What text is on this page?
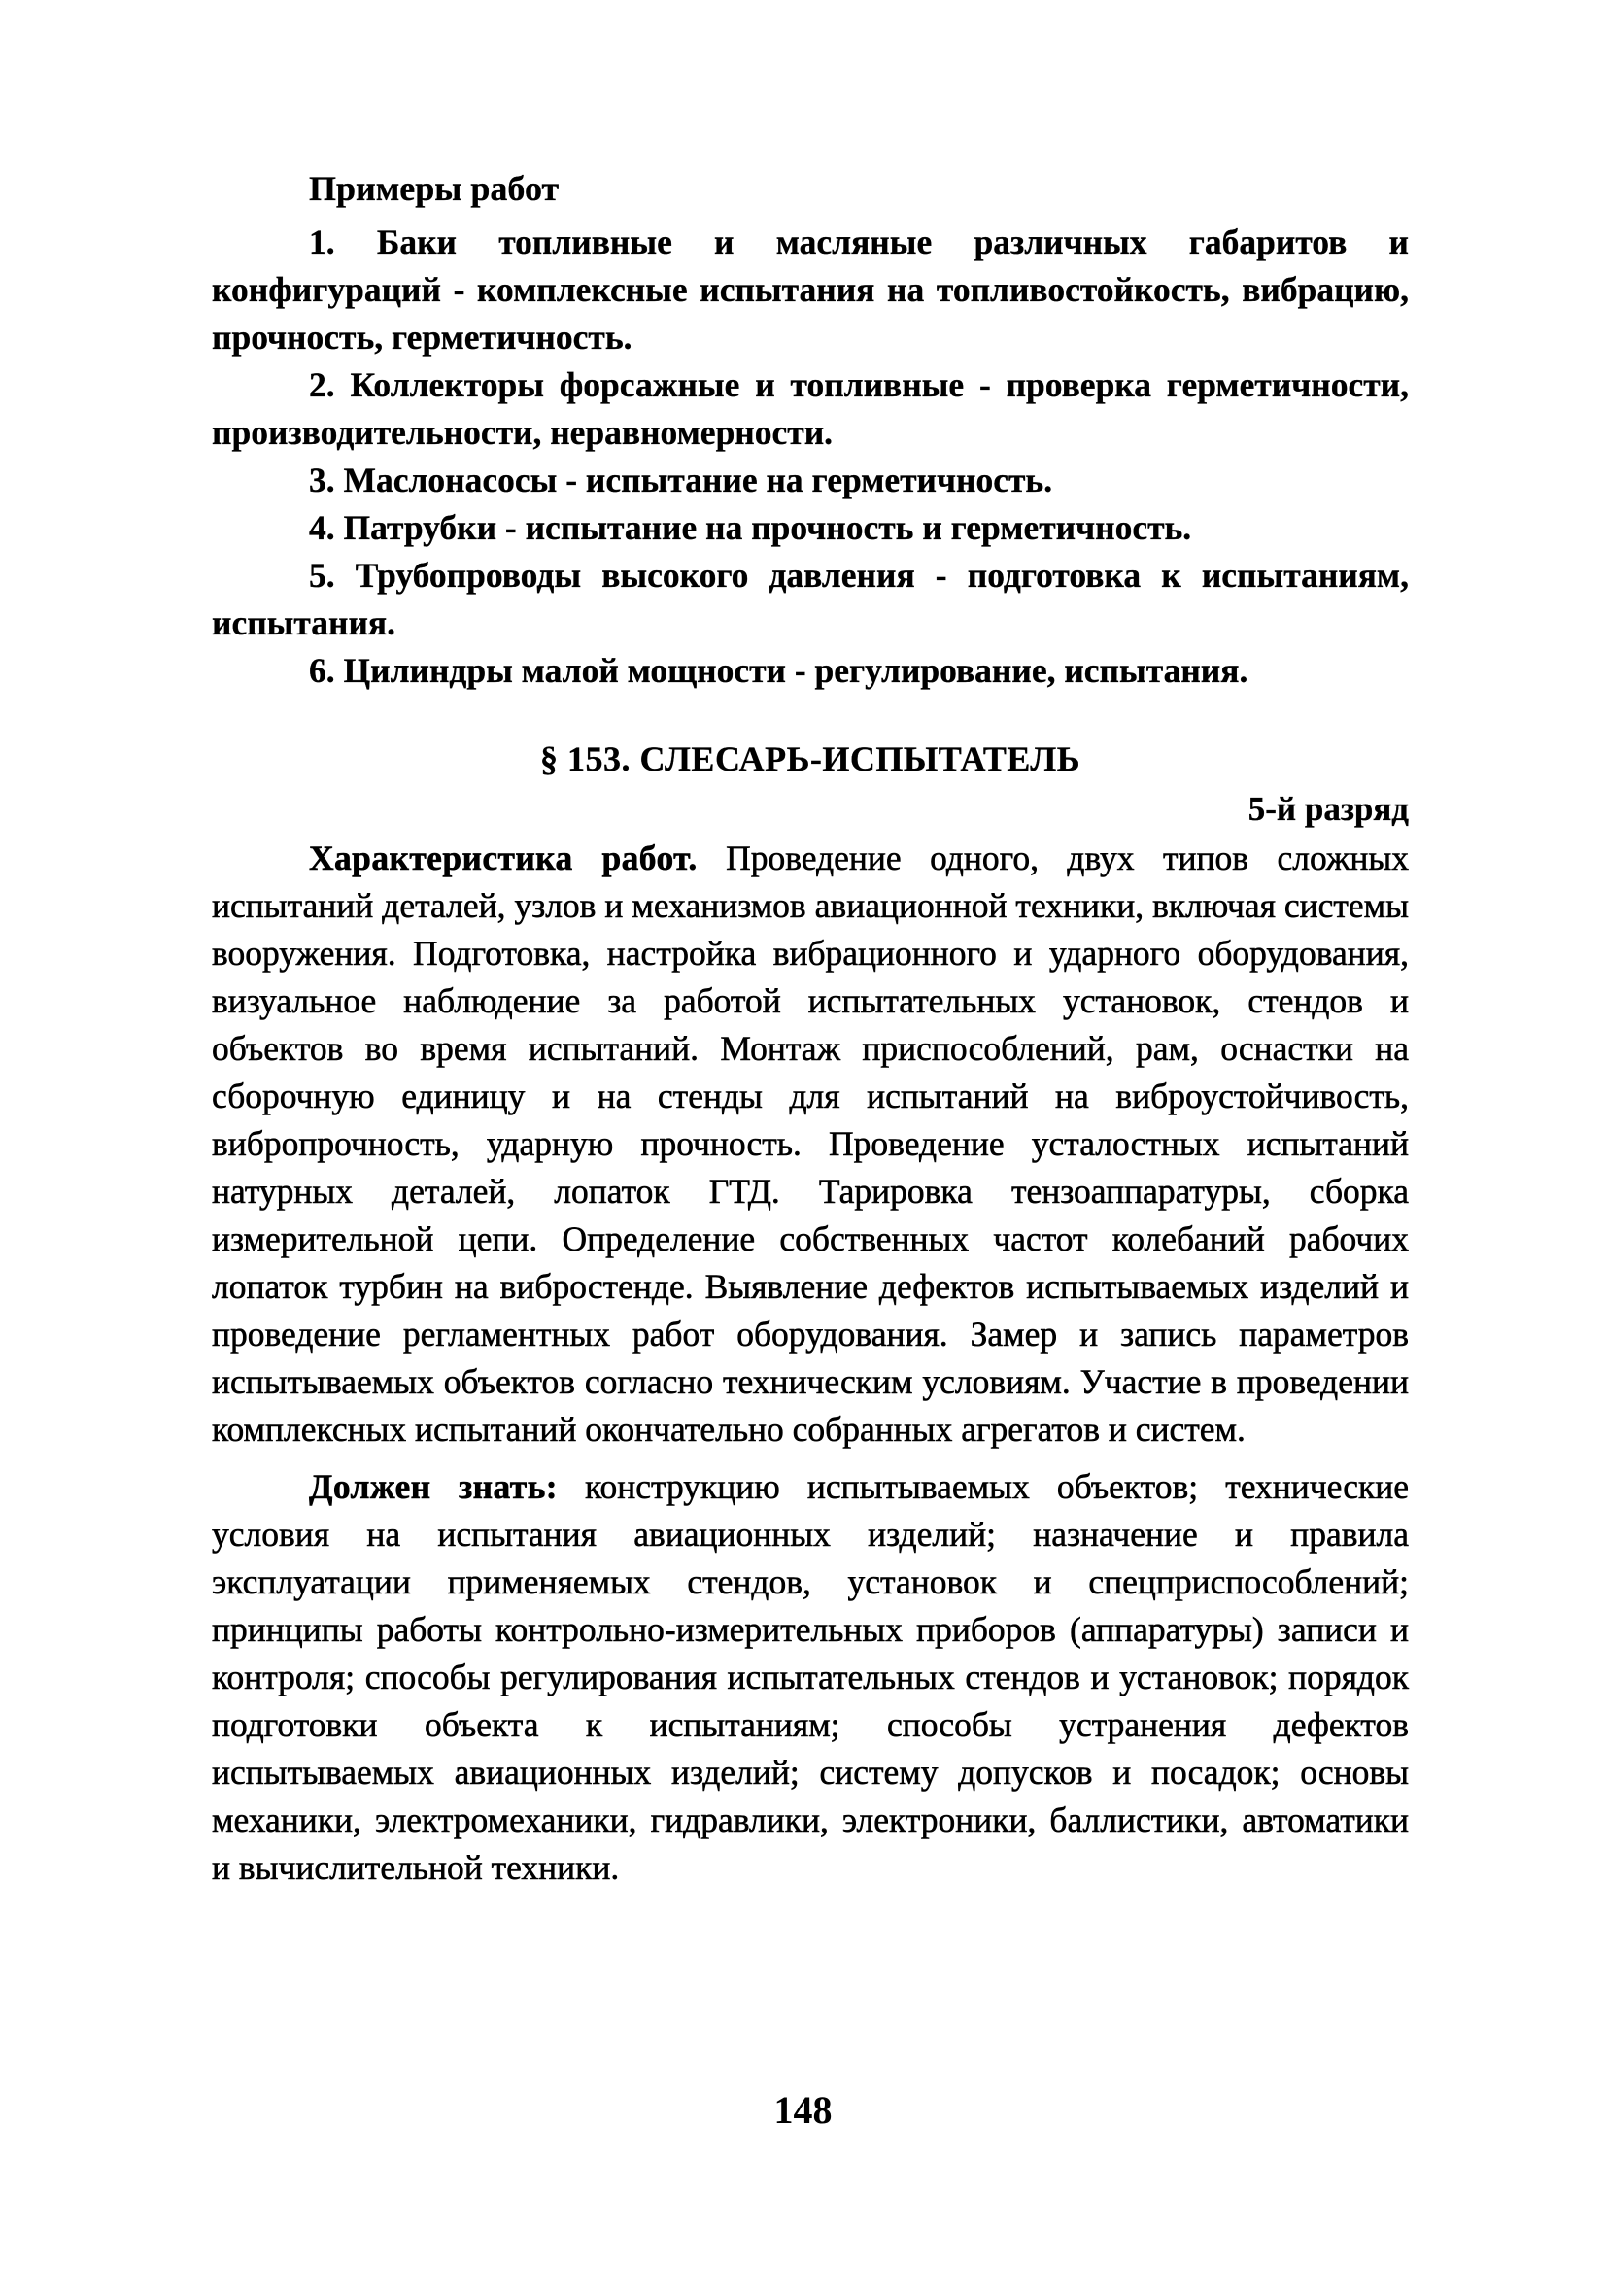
Примеры работ

1. Баки топливные и масляные различных габаритов и конфигураций - комплексные испытания на топливостойкость, вибрацию, прочность, герметичность.

2. Коллекторы форсажные и топливные - проверка герметичности, производительности, неравномерности.

3. Маслонасосы - испытание на герметичность.

4. Патрубки - испытание на прочность и герметичность.

5. Трубопроводы высокого давления - подготовка к испытаниям, испытания.

6. Цилиндры малой мощности - регулирование, испытания.

§ 153. СЛЕСАРЬ-ИСПЫТАТЕЛЬ

5-й разряд

Характеристика работ. Проведение одного, двух типов сложных испытаний деталей, узлов и механизмов авиационной техники, включая системы вооружения. Подготовка, настройка вибрационного и ударного оборудования, визуальное наблюдение за работой испытательных установок, стендов и объектов во время испытаний. Монтаж приспособлений, рам, оснастки на сборочную единицу и на стенды для испытаний на виброустойчивость, вибропрочность, ударную прочность. Проведение усталостных испытаний натурных деталей, лопаток ГТД. Тарировка тензоаппаратуры, сборка измерительной цепи. Определение собственных частот колебаний рабочих лопаток турбин на вибростенде. Выявление дефектов испытываемых изделий и проведение регламентных работ оборудования. Замер и запись параметров испытываемых объектов согласно техническим условиям. Участие в проведении комплексных испытаний окончательно собранных агрегатов и систем.

Должен знать: конструкцию испытываемых объектов; технические условия на испытания авиационных изделий; назначение и правила эксплуатации применяемых стендов, установок и спецприспособлений; принципы работы контрольно-измерительных приборов (аппаратуры) записи и контроля; способы регулирования испытательных стендов и установок; порядок подготовки объекта к испытаниям; способы устранения дефектов испытываемых авиационных изделий; систему допусков и посадок; основы механики, электромеханики, гидравлики, электроники, баллистики, автоматики и вычислительной техники.

148
